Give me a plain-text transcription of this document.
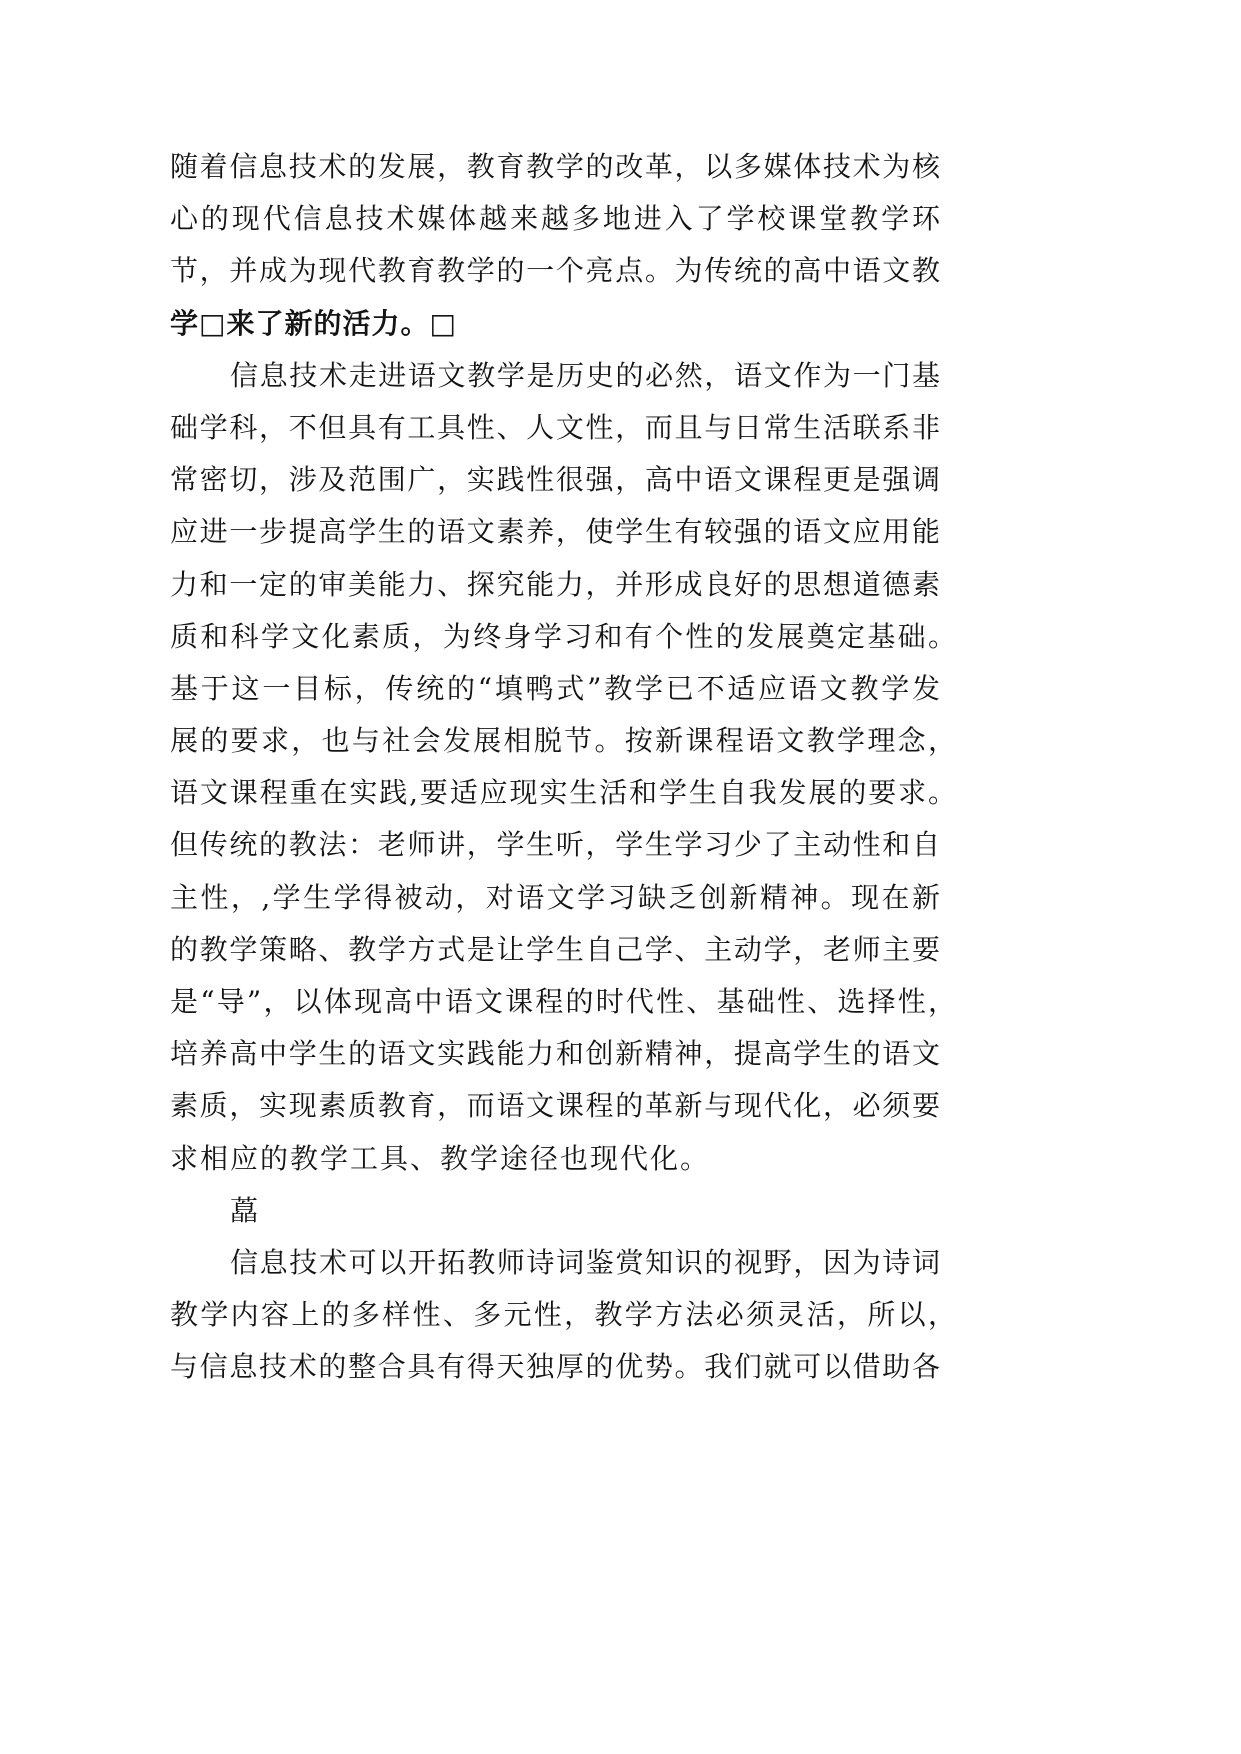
随着信息技术的发展，教育教学的改革，以多媒体技术为核
心的现代信息技术媒体越来越多地进入了学校课堂教学环
节，并成为现代教育教学的一个亮点。为传统的高中语文教
学□来了新的活力。□
信息技术走进语文教学是历史的必然，语文作为一门基
础学科，不但具有工具性、人文性，而且与日常生活联系非
常密切，涉及范围广，实践性很强，高中语文课程更是强调
应进一步提高学生的语文素养，使学生有较强的语文应用能
力和一定的审美能力、探究能力，并形成良好的思想道德素
质和科学文化素质，为终身学习和有个性的发展奠定基础。
基于这一目标，传统的“填鸭式”教学已不适应语文教学发
展的要求，也与社会发展相脱节。按新课程语文教学理念，
语文课程重在实践,要适应现实生活和学生自我发展的要求。
但传统的教法：老师讲，学生听，学生学习少了主动性和自
主性，,学生学得被动，对语文学习缺乏创新精神。现在新
的教学策略、教学方式是让学生自己学、主动学，老师主要
是“导”，以体现高中语文课程的时代性、基础性、选择性，
培养高中学生的语文实践能力和创新精神，提高学生的语文
素质，实现素质教育，而语文课程的革新与现代化，必须要
求相应的教学工具、教学途径也现代化。
藠
信息技术可以开拓教师诗词鉴赏知识的视野，因为诗词
教学内容上的多样性、多元性，教学方法必须灵活，所以，
与信息技术的整合具有得天独厚的优势。我们就可以借助各
